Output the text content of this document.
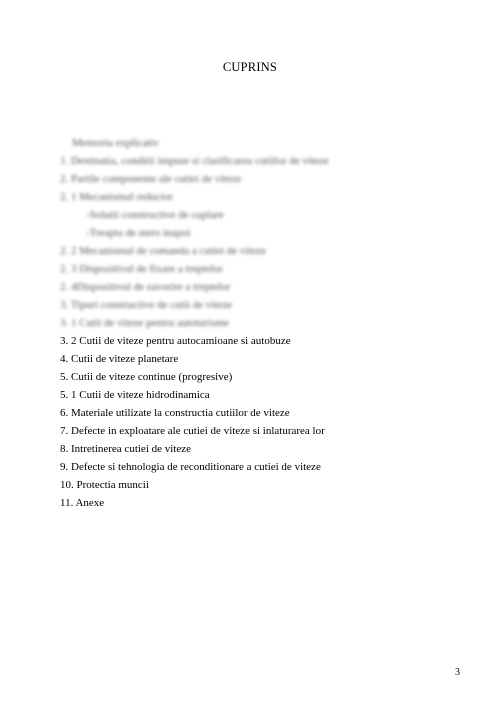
CUPRINS
Memoriu explicativ
1. Destinatia, conditii impuse si clasificarea cutiilor de viteze
2. Partile componente ale cutiei de viteze
2. 1 Mecanismul reductor
-Solutii constructive de cuplare
-Treapta de mers inapoi
2. 2 Mecanismul de comanda a cutiei de viteze
2. 3 Dispozitivul de fixare a treptelor
2. 4Dispozitivul de zavorire a treptelor
3. Tipuri constructive de cutii de viteze
3. 1 Cutii de viteze pentru autoturisme
3. 2 Cutii de viteze pentru autocamioane si autobuze
4. Cutii de viteze planetare
5. Cutii de viteze continue (progresive)
5. 1 Cutii de viteze hidrodinamica
6. Materiale utilizate la constructia cutiilor de viteze
7. Defecte in exploatare ale cutiei de viteze si inlaturarea lor
8. Intretinerea cutiei de viteze
9. Defecte si tehnologia de reconditionare a cutiei de viteze
10. Protectia muncii
11. Anexe
3
